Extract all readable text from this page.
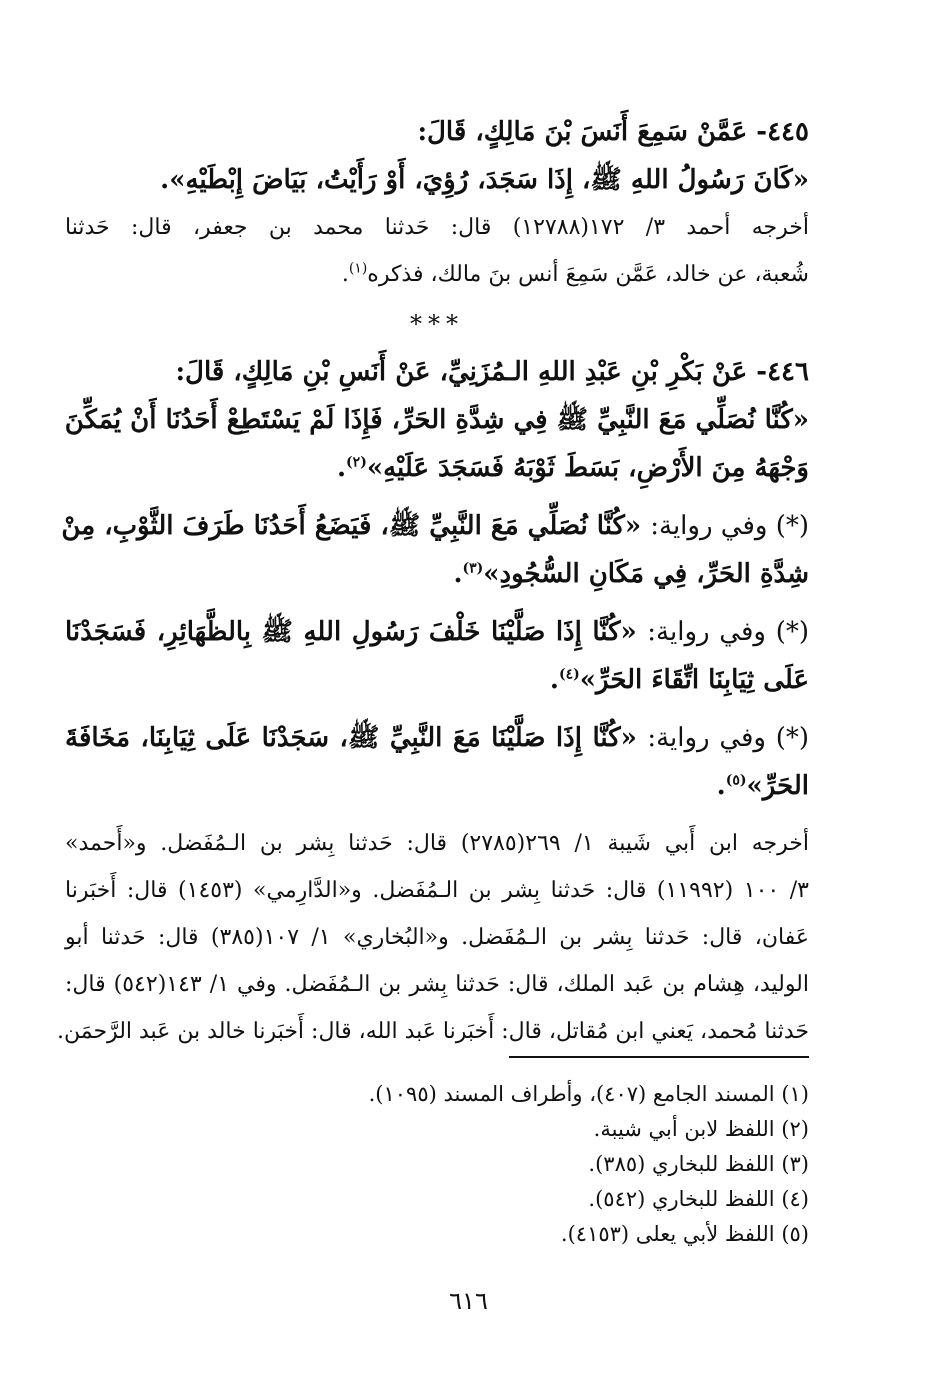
٤٤٥- عَمَّنْ سَمِعَ أَنَسَ بْنَ مَالِكٍ، قَالَ:

«كَانَ رَسُولُ اللهِ ﷺ، إِذَا سَجَدَ، رُؤِيَ، أَوْ رَأَيْتُ، بَيَاضَ إِبْطَيْهِ».

أخرجه أحمد ٣/ ١٧٢(١٢٧٨٨) قال: حَدثنا محمد بن جعفر، قال: حَدثنا

شُعبة، عن خالد، عَمَّن سَمِعَ أنس بنَ مالك، فذكره$^{(١)}$.

***

٤٤٦- عَنْ بَكْرِ بْنِ عَبْدِ اللهِ الـمُزَنِيِّ، عَنْ أَنَسِ بْنِ مَالِكٍ، قَالَ:

«كُنَّا نُصَلِّي مَعَ النَّبِيِّ ﷺ فِي شِدَّةِ الحَرِّ، فَإِذَا لَمْ يَسْتَطِعْ أَحَدُنَا أَنْ يُمَكِّنَ

وَجْهَهُ مِنَ الأَرْضِ، بَسَطَ ثَوْبَهُ فَسَجَدَ عَلَيْهِ»$^{(٢)}$.

(*) وفي رواية: «كُنَّا نُصَلِّي مَعَ النَّبِيِّ ﷺ، فَيَضَعُ أَحَدُنَا طَرَفَ الثَّوْبِ، مِنْ

شِدَّةِ الحَرِّ، فِي مَكَانِ السُّجُودِ»$^{(٣)}$.

(*) وفي رواية: «كُنَّا إِذَا صَلَّيْنَا خَلْفَ رَسُولِ اللهِ ﷺ بِالظَّهَائِرِ، فَسَجَدْنَا

عَلَى ثِيَابِنَا اتِّقَاءَ الحَرِّ»$^{(٤)}$.

(*) وفي رواية: «كُنَّا إِذَا صَلَّيْنَا مَعَ النَّبِيِّ ﷺ، سَجَدْنَا عَلَى ثِيَابِنَا، مَخَافَةَ

الحَرِّ»$^{(٥)}$.

أخرجه ابن أَبي شَيبة ١/ ٢٦٩(٢٧٨٥) قال: حَدثنا بِشر بن الـمُفَضل. و«أَحمد»

٣/ ١٠٠ (١١٩٩٢) قال: حَدثنا بِشر بن الـمُفَضل. و«الدَّارِمي» (١٤٥٣) قال: أَخبَرنا

عَفان، قال: حَدثنا بِشر بن الـمُفَضل. و«البُخاري» ١/ ١٠٧(٣٨٥) قال: حَدثنا أبو

الوليد، هِشام بن عَبد الملك، قال: حَدثنا بِشر بن الـمُفَضل. وفي ١/ ١٤٣(٥٤٢) قال:

حَدثنا مُحمد، يَعني ابن مُقاتل، قال: أَخبَرنا عَبد الله، قال: أَخبَرنا خالد بن عَبد الرَّحمَن.

(١) المسند الجامع (٤٠٧)، وأطراف المسند (١٠٩٥).

(٢) اللفظ لابن أبي شيبة.

(٣) اللفظ للبخاري (٣٨٥).

(٤) اللفظ للبخاري (٥٤٢).

(٥) اللفظ لأبي يعلى (٤١٥٣).

٦١٦
